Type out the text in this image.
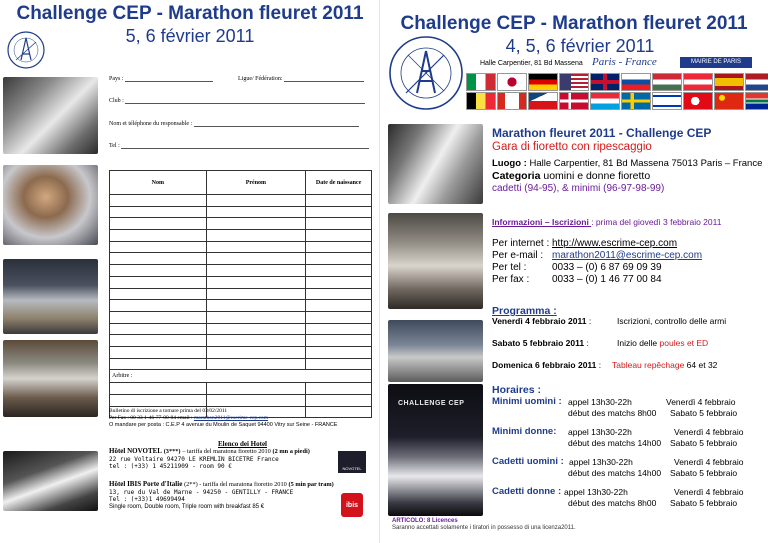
Challenge CEP - Marathon fleuret 2011
5, 6 février 2011
Pays :	Ligue/ Fédération:
Club :
Nom et téléphone du responsable :
Tel :
Nom	Prénom	Date de naissance

Arbitre :		

Bulletino di iscrizione a tornare prima del 03/02/2011
Per Fax : 00 33 1-46-77-00-84 email : marathon2011@escrime-cep.com
O mandare per posta : C.E.P 4 avenue du Moulin de Saquet 94400 Vitry sur Seine - FRANCE
Elenco dei Hotel
Hôtel NOVOTEL (3***) – tariffa del maratona fioretto 2010 (2 mn a piedi)
22 rue Voltaire 94270 LE KREMLIN BICETRE France
tel : (+33) 1 45211909 - room 90 €	NOVOTEL
Hôtel IBIS Porte d'Italie (2**) - tariffa del maratona fioretto 2010 (5 min par tram)
13, rue du Val de Marne - 94250 - GENTILLY - FRANCE
Tel : (+33)1 49699494
Single room, Double room, Triple room with breakfast 85 €	ibis
Challenge CEP - Marathon fleuret 2011
4, 5, 6 février 2011
Halle Carpentier, 81 Bd Massena Paris - France	MAIRIE DE PARIS
CHALLENGE CEP
Marathon fleuret 2011 - Challenge CEP
Gara di fioretto con ripescaggio
Luogo : Halle Carpentier, 81 Bd Massena 75013 Paris – France
Categoria uomini e donne fioretto
cadetti (94-95), & minimi (96-97-98-99)
Informazioni – Iscrizioni : prima del giovedì 3 febbraio 2011
Per internet : http://www.escrime-cep.com
Per e-mail : marathon2011@escrime-cep.com
Per tel :	0033 – (0) 6 87 69 09 39
Per fax : 0033 – (0) 1 46 77 00 84
Programma :
Venerdì 4 febbraio 2011 :	Iscrizioni, controllo delle armi
Sabato 5 febbraio 2011 :	Inizio delle poules et ED
Domenica 6 febbraio 2011 : Tableau repêchage 64 et 32
Horaires :
Minimi uomini : appel 13h30-22h	Venerdì 4 febbraio
début des matchs 8h00 Sabato 5 febbraio
Minimi donne: appel 13h30-22h	Venerdì 4 febbraio
début des matchs 14h00 Sabato 5 febbraio
Cadetti uomini : appel 13h30-22h	Venerdì 4 febbraio
début des matchs 14h00 Sabato 5 febbraio
Cadetti donne : appel 13h30-22h	Venerdì 4 febbraio
début des matchs 8h00 Sabato 5 febbraio
ARTICOLO: 8 Licences
Saranno accettati solamente i tiratori in possesso di una licenza2011.
